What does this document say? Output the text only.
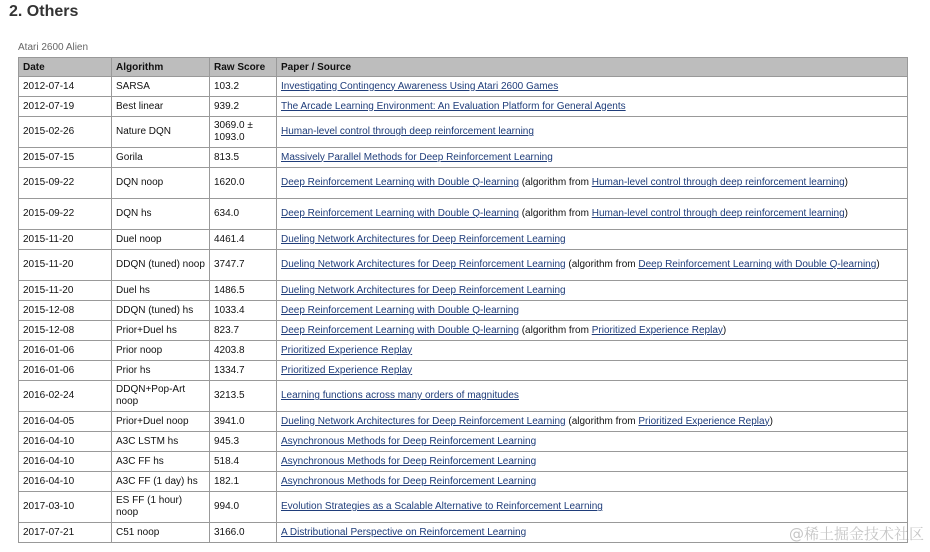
2. Others
Atari 2600 Alien
Date	Algorithm	Raw Score	Paper / Source
2012-07-14	SARSA	103.2	Investigating Contingency Awareness Using Atari 2600 Games
2012-07-19	Best linear	939.2	The Arcade Learning Environment: An Evaluation Platform for General Agents
2015-02-26	Nature DQN	3069.0 ± 1093.0	Human-level control through deep reinforcement learning
2015-07-15	Gorila	813.5	Massively Parallel Methods for Deep Reinforcement Learning
2015-09-22	DQN noop	1620.0	Deep Reinforcement Learning with Double Q-learning (algorithm from Human-level control through deep reinforcement learning)
2015-09-22	DQN hs	634.0	Deep Reinforcement Learning with Double Q-learning (algorithm from Human-level control through deep reinforcement learning)
2015-11-20	Duel noop	4461.4	Dueling Network Architectures for Deep Reinforcement Learning
2015-11-20	DDQN (tuned) noop	3747.7	Dueling Network Architectures for Deep Reinforcement Learning (algorithm from Deep Reinforcement Learning with Double Q-learning)
2015-11-20	Duel hs	1486.5	Dueling Network Architectures for Deep Reinforcement Learning
2015-12-08	DDQN (tuned) hs	1033.4	Deep Reinforcement Learning with Double Q-learning
2015-12-08	Prior+Duel hs	823.7	Deep Reinforcement Learning with Double Q-learning (algorithm from Prioritized Experience Replay)
2016-01-06	Prior noop	4203.8	Prioritized Experience Replay
2016-01-06	Prior hs	1334.7	Prioritized Experience Replay
2016-02-24	DDQN+Pop-Art noop	3213.5	Learning functions across many orders of magnitudes
2016-04-05	Prior+Duel noop	3941.0	Dueling Network Architectures for Deep Reinforcement Learning (algorithm from Prioritized Experience Replay)
2016-04-10	A3C LSTM hs	945.3	Asynchronous Methods for Deep Reinforcement Learning
2016-04-10	A3C FF hs	518.4	Asynchronous Methods for Deep Reinforcement Learning
2016-04-10	A3C FF (1 day) hs	182.1	Asynchronous Methods for Deep Reinforcement Learning
2017-03-10	ES FF (1 hour) noop	994.0	Evolution Strategies as a Scalable Alternative to Reinforcement Learning
2017-07-21	C51 noop	3166.0	A Distributional Perspective on Reinforcement Learning	@稀土掘金技术社区
